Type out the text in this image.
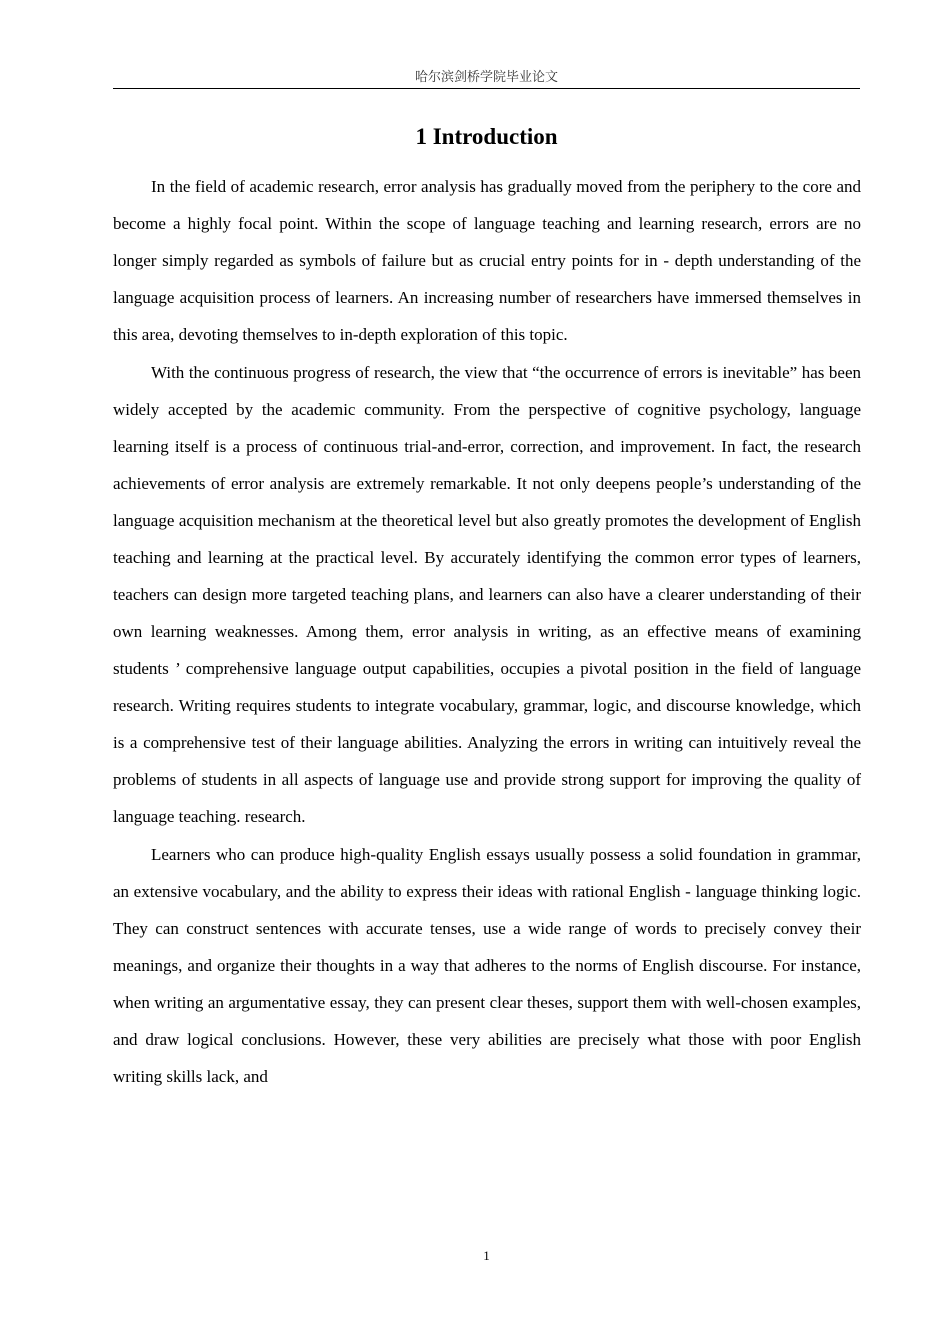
哈尔滨剑桥学院毕业论文
1 Introduction

In the field of academic research, error analysis has gradually moved from the periphery to the core and become a highly focal point. Within the scope of language teaching and learning research, errors are no longer simply regarded as symbols of failure but as crucial entry points for in - depth understanding of the language acquisition process of learners. An increasing number of researchers have immersed themselves in this area, devoting themselves to in-depth exploration of this topic.

With the continuous progress of research, the view that “the occurrence of errors is inevitable” has been widely accepted by the academic community. From the perspective of cognitive psychology, language learning itself is a process of continuous trial-and-error, correction, and improvement. In fact, the research achievements of error analysis are extremely remarkable. It not only deepens people’s understanding of the language acquisition mechanism at the theoretical level but also greatly promotes the development of English teaching and learning at the practical level. By accurately identifying the common error types of learners, teachers can design more targeted teaching plans, and learners can also have a clearer understanding of their own learning weaknesses. Among them, error analysis in writing, as an effective means of examining students ’ comprehensive language output capabilities, occupies a pivotal position in the field of language research. Writing requires students to integrate vocabulary, grammar, logic, and discourse knowledge, which is a comprehensive test of their language abilities. Analyzing the errors in writing can intuitively reveal the problems of students in all aspects of language use and provide strong support for improving the quality of language teaching. research.

Learners who can produce high-quality English essays usually possess a solid foundation in grammar, an extensive vocabulary, and the ability to express their ideas with rational English - language thinking logic. They can construct sentences with accurate tenses, use a wide range of words to precisely convey their meanings, and organize their thoughts in a way that adheres to the norms of English discourse. For instance, when writing an argumentative essay, they can present clear theses, support them with well-chosen examples, and draw logical conclusions. However, these very abilities are precisely what those with poor English writing skills lack, and

1
